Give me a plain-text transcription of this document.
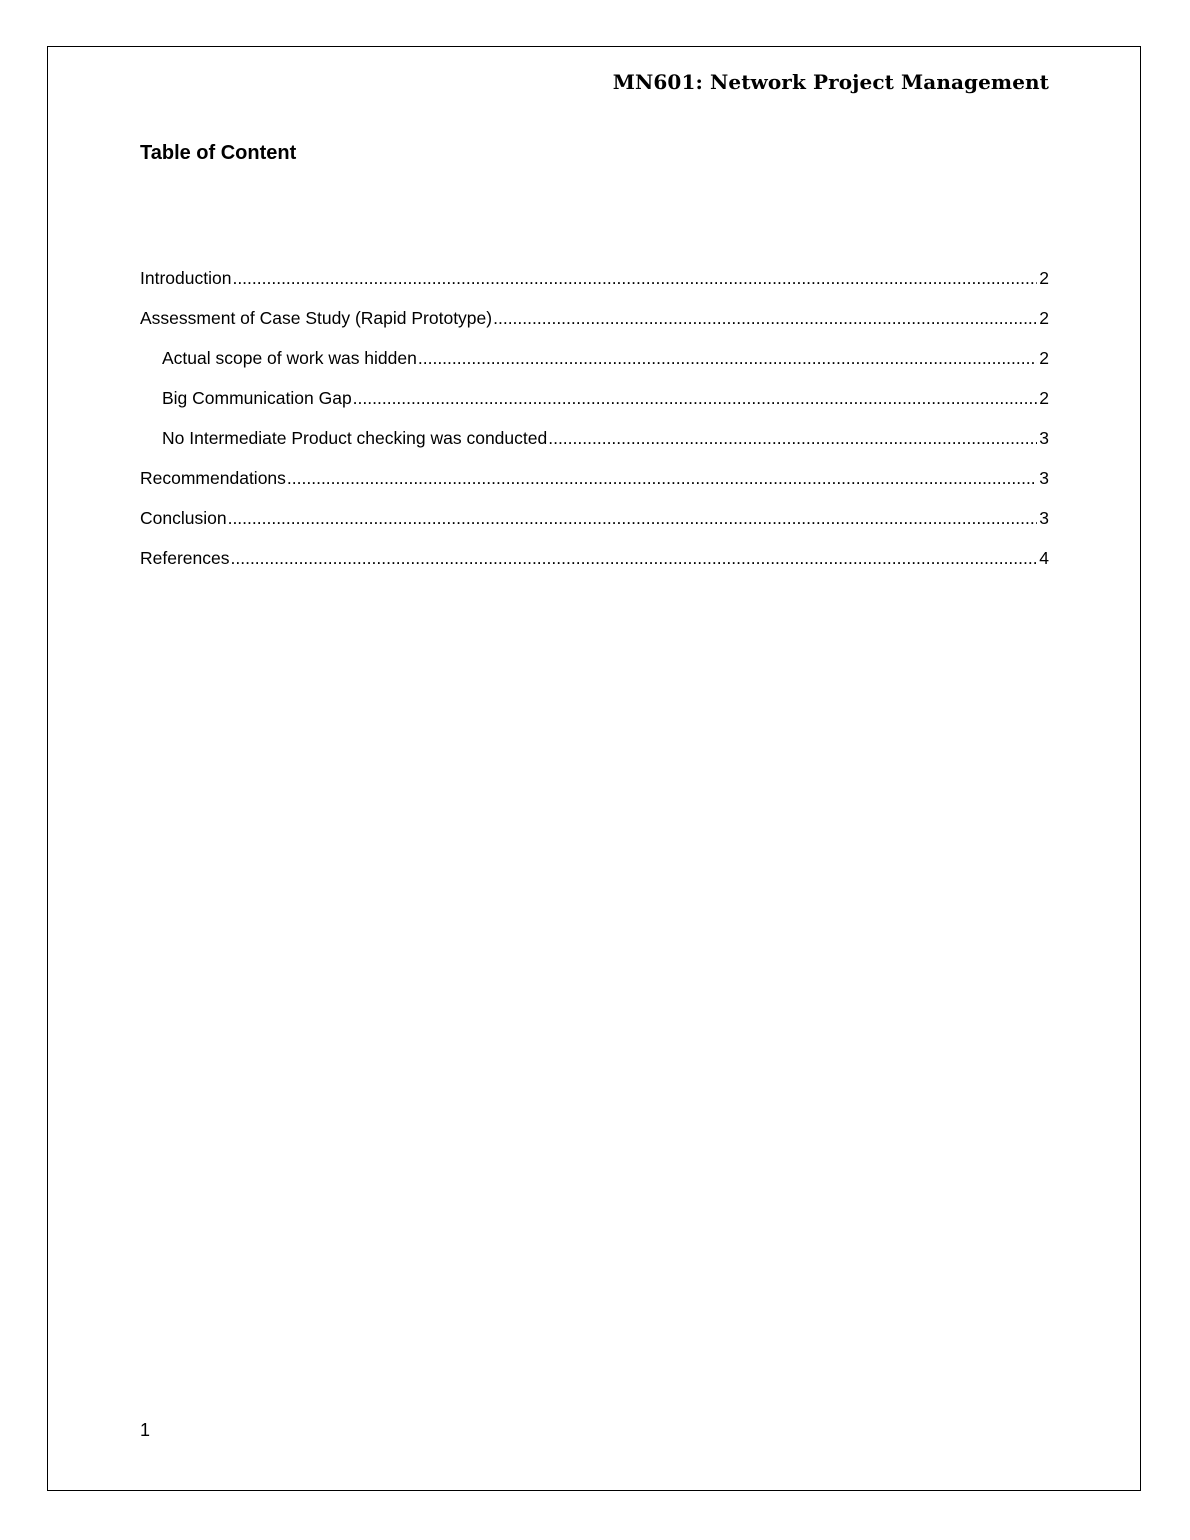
MN601: Network Project Management
Table of Content
Introduction .....	2
Assessment of Case Study (Rapid Prototype) .....	2
Actual scope of work was hidden .....	2
Big Communication Gap .....	2
No Intermediate Product checking was conducted .....	3
Recommendations .....	3
Conclusion .....	3
References .....	4
1
